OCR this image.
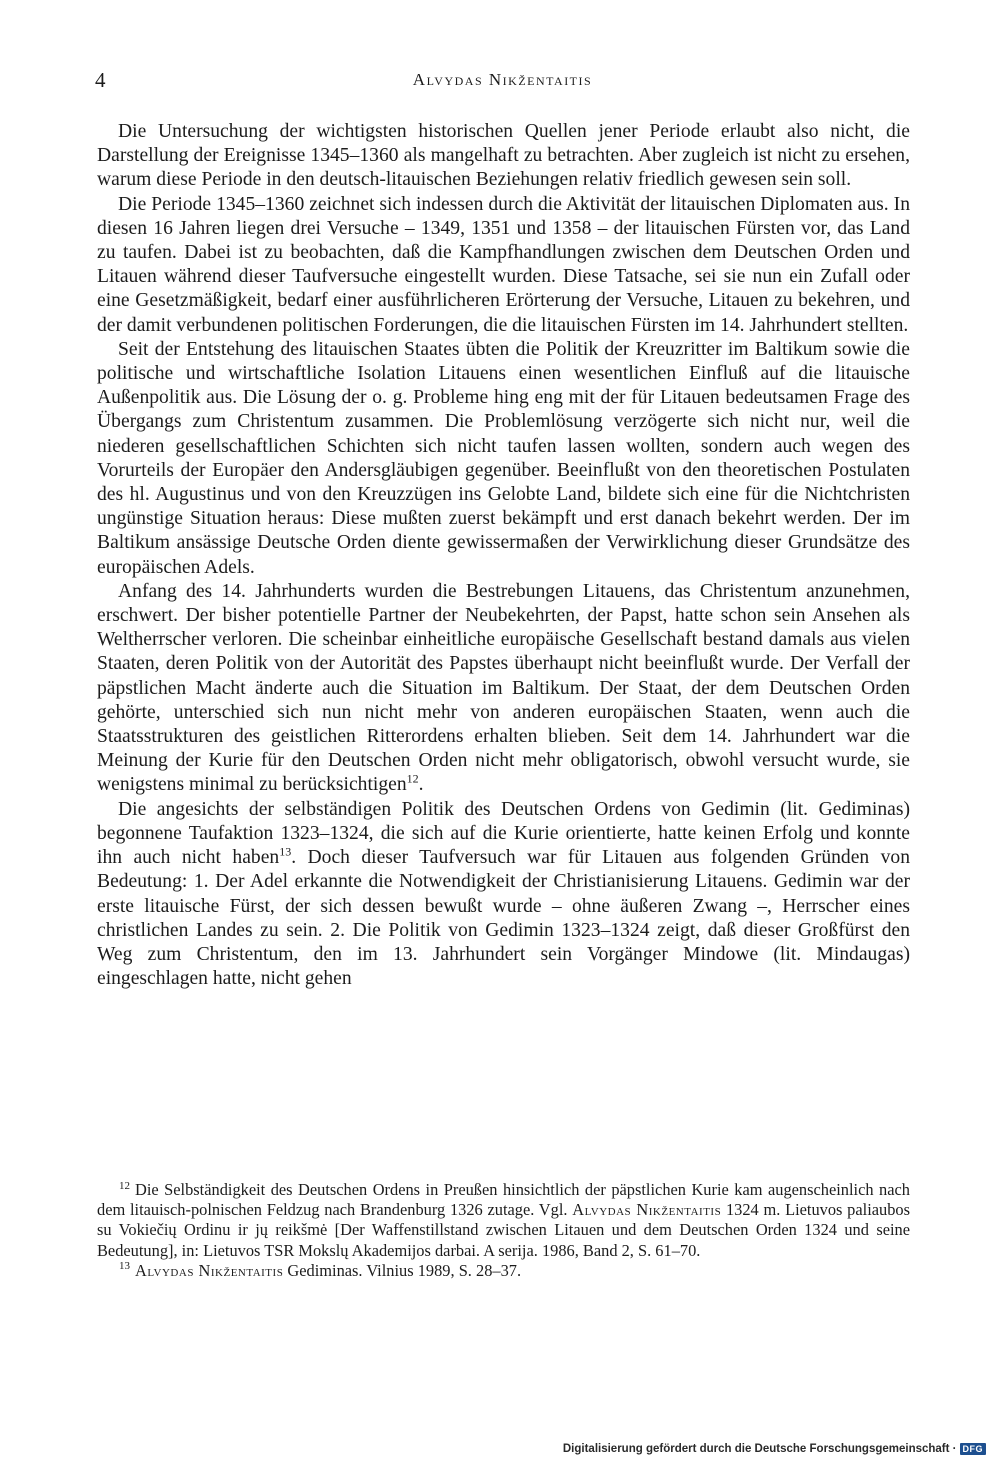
4	Alvydas Nikžentaitis

Die Untersuchung der wichtigsten historischen Quellen jener Periode erlaubt also nicht, die Darstellung der Ereignisse 1345–1360 als mangelhaft zu betrachten. Aber zugleich ist nicht zu ersehen, warum diese Periode in den deutsch-litauischen Beziehungen relativ friedlich gewesen sein soll.

Die Periode 1345–1360 zeichnet sich indessen durch die Aktivität der litauischen Diplomaten aus. In diesen 16 Jahren liegen drei Versuche – 1349, 1351 und 1358 – der litauischen Fürsten vor, das Land zu taufen. Dabei ist zu beobachten, daß die Kampfhandlungen zwischen dem Deutschen Orden und Litauen während dieser Taufversuche eingestellt wurden. Diese Tatsache, sei sie nun ein Zufall oder eine Gesetzmäßigkeit, bedarf einer ausführlicheren Erörterung der Versuche, Litauen zu bekehren, und der damit verbundenen politischen Forderungen, die die litauischen Fürsten im 14. Jahrhundert stellten.

Seit der Entstehung des litauischen Staates übten die Politik der Kreuzritter im Baltikum sowie die politische und wirtschaftliche Isolation Litauens einen wesentlichen Einfluß auf die litauische Außenpolitik aus. Die Lösung der o. g. Probleme hing eng mit der für Litauen bedeutsamen Frage des Übergangs zum Christentum zusammen. Die Problemlösung verzögerte sich nicht nur, weil die niederen gesellschaftlichen Schichten sich nicht taufen lassen wollten, sondern auch wegen des Vorurteils der Europäer den Andersgläubigen gegenüber. Beeinflußt von den theoretischen Postulaten des hl. Augustinus und von den Kreuzzügen ins Gelobte Land, bildete sich eine für die Nichtchristen ungünstige Situation heraus: Diese mußten zuerst bekämpft und erst danach bekehrt werden. Der im Baltikum ansässige Deutsche Orden diente gewissermaßen der Verwirklichung dieser Grundsätze des europäischen Adels.

Anfang des 14. Jahrhunderts wurden die Bestrebungen Litauens, das Christentum anzunehmen, erschwert. Der bisher potentielle Partner der Neubekehrten, der Papst, hatte schon sein Ansehen als Weltherrscher verloren. Die scheinbar einheitliche europäische Gesellschaft bestand damals aus vielen Staaten, deren Politik von der Autorität des Papstes überhaupt nicht beeinflußt wurde. Der Verfall der päpstlichen Macht änderte auch die Situation im Baltikum. Der Staat, der dem Deutschen Orden gehörte, unterschied sich nun nicht mehr von anderen europäischen Staaten, wenn auch die Staatsstrukturen des geistlichen Ritterordens erhalten blieben. Seit dem 14. Jahrhundert war die Meinung der Kurie für den Deutschen Orden nicht mehr obligatorisch, obwohl versucht wurde, sie wenigstens minimal zu berücksichtigen$^{12}$.

Die angesichts der selbständigen Politik des Deutschen Ordens von Gedimin (lit. Gediminas) begonnene Taufaktion 1323–1324, die sich auf die Kurie orientierte, hatte keinen Erfolg und konnte ihn auch nicht haben$^{13}$. Doch dieser Taufversuch war für Litauen aus folgenden Gründen von Bedeutung: 1. Der Adel erkannte die Notwendigkeit der Christianisierung Litauens. Gedimin war der erste litauische Fürst, der sich dessen bewußt wurde – ohne äußeren Zwang –, Herrscher eines christlichen Landes zu sein. 2. Die Politik von Gedimin 1323–1324 zeigt, daß dieser Großfürst den Weg zum Christentum, den im 13. Jahrhundert sein Vorgänger Mindowe (lit. Mindaugas) eingeschlagen hatte, nicht gehen

$^{12}$ Die Selbständigkeit des Deutschen Ordens in Preußen hinsichtlich der päpstlichen Kurie kam augenscheinlich nach dem litauisch-polnischen Feldzug nach Brandenburg 1326 zutage. Vgl. Alvydas Nikžentaitis 1324 m. Lietuvos paliaubos su Vokiečių Ordinu ir jų reikšmė [Der Waffenstillstand zwischen Litauen und dem Deutschen Orden 1324 und seine Bedeutung], in: Lietuvos TSR Mokslų Akademijos darbai. A serija. 1986, Band 2, S. 61–70.

$^{13}$ Alvydas Nikžentaitis Gediminas. Vilnius 1989, S. 28–37.

Digitalisierung gefördert durch die Deutsche Forschungsgemeinschaft · DFG
